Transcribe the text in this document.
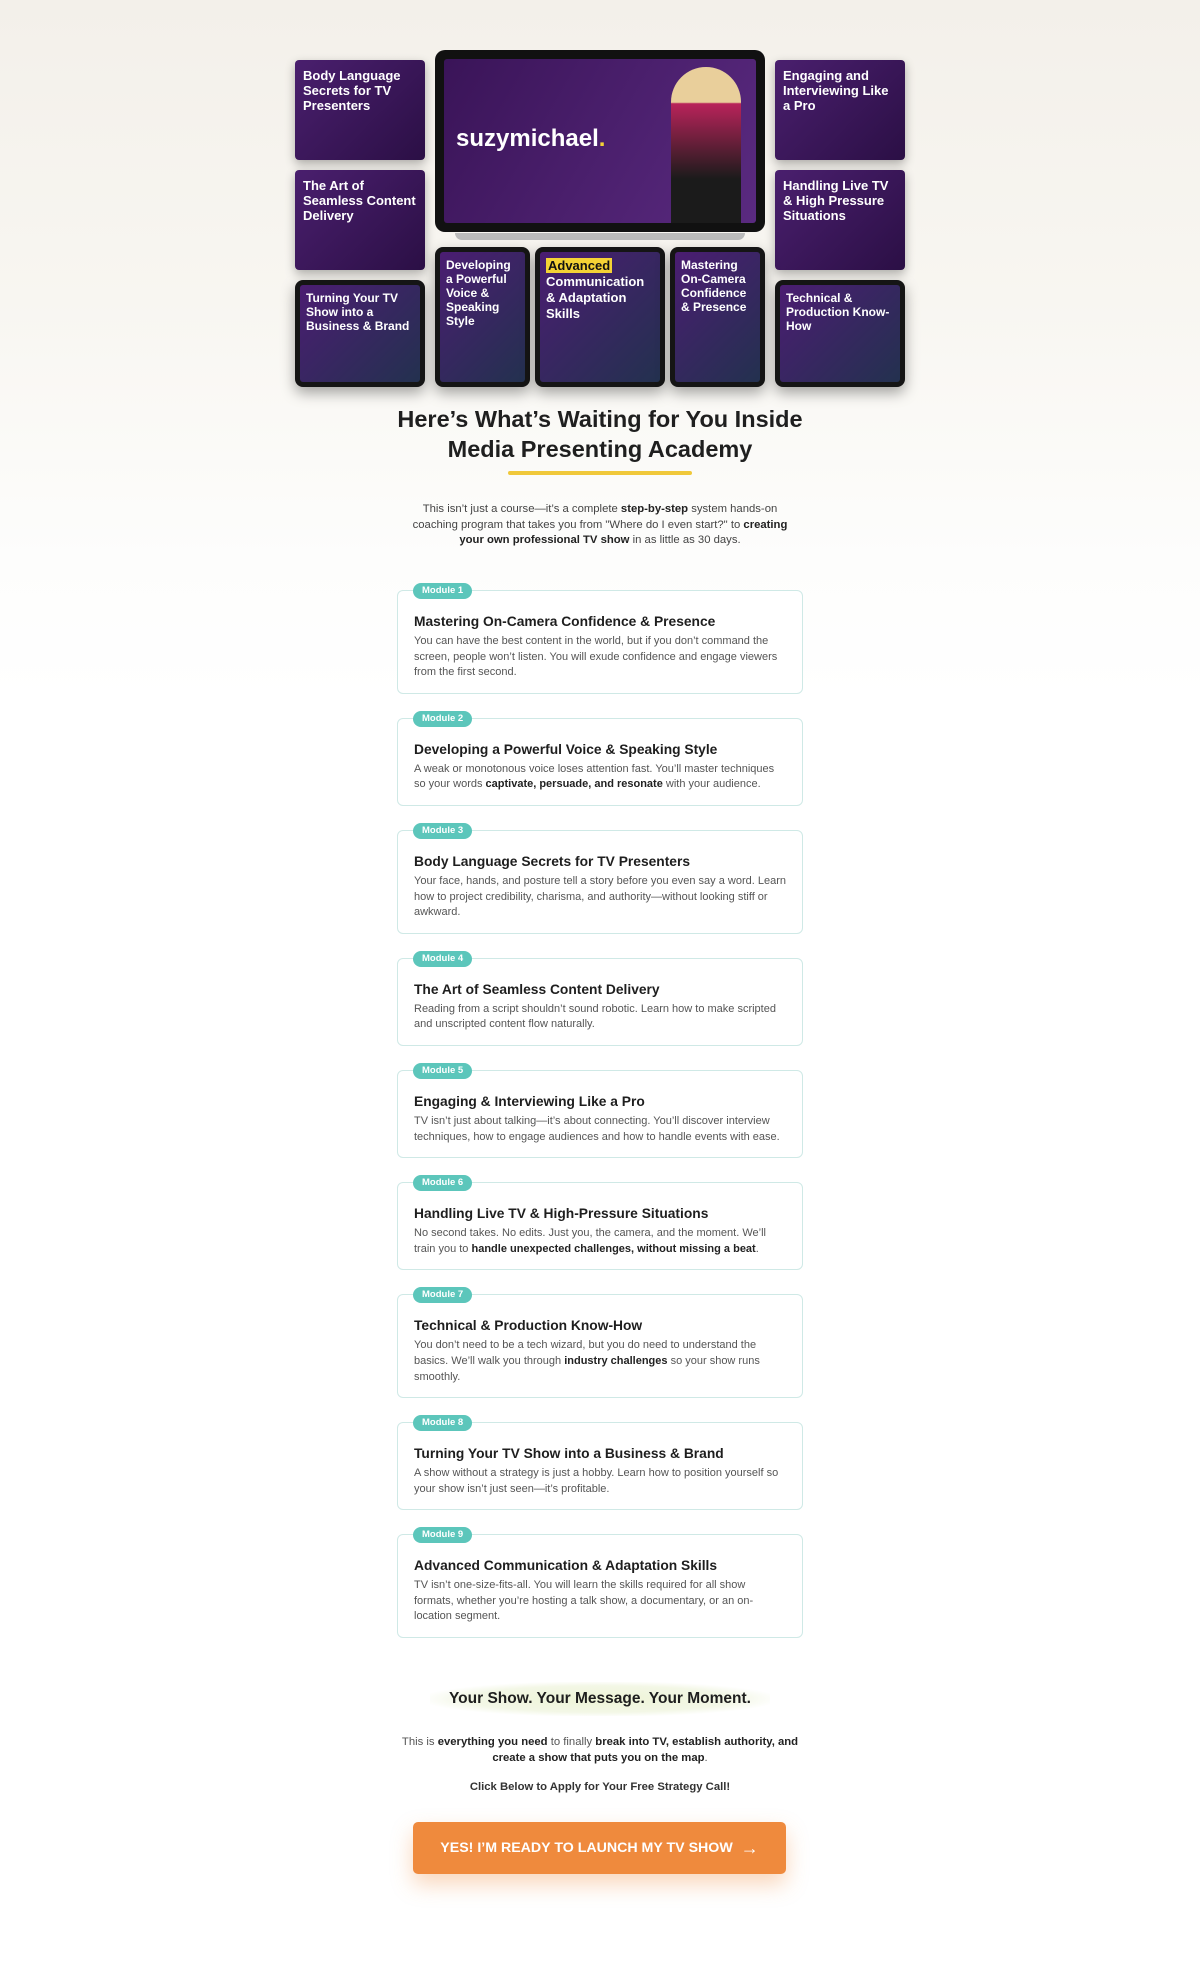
Body Language Secrets for TV Presenters
The Art of Seamless Content Delivery
Engaging and Interviewing Like a Pro
Handling Live TV & High Pressure Situations
suzymichael.
Developing a Powerful Voice & Speaking Style
Turning Your TV Show into a Business & Brand
Advanced
Communication & Adaptation Skills
Mastering On-Camera Confidence & Presence
Technical & Production Know-How
Here’s What’s Waiting for You Inside
Media Presenting Academy

This isn’t just a course—it’s a complete step-by-step system hands-on coaching program that takes you from "Where do I even start?" to creating your own professional TV show in as little as 30 days.

Module 1
Mastering On-Camera Confidence & Presence

You can have the best content in the world, but if you don’t command the screen, people won’t listen. You will exude confidence and engage viewers from the first second.

Module 2
Developing a Powerful Voice & Speaking Style

A weak or monotonous voice loses attention fast. You’ll master techniques so your words captivate, persuade, and resonate with your audience.

Module 3
Body Language Secrets for TV Presenters

Your face, hands, and posture tell a story before you even say a word. Learn how to project credibility, charisma, and authority—without looking stiff or awkward.

Module 4
The Art of Seamless Content Delivery

Reading from a script shouldn’t sound robotic. Learn how to make scripted and unscripted content flow naturally.

Module 5
Engaging & Interviewing Like a Pro

TV isn’t just about talking—it’s about connecting. You’ll discover interview techniques, how to engage audiences and how to handle events with ease.

Module 6
Handling Live TV & High-Pressure Situations

No second takes. No edits. Just you, the camera, and the moment. We’ll train you to handle unexpected challenges, without missing a beat.

Module 7
Technical & Production Know-How

You don’t need to be a tech wizard, but you do need to understand the basics. We’ll walk you through industry challenges so your show runs smoothly.

Module 8
Turning Your TV Show into a Business & Brand

A show without a strategy is just a hobby. Learn how to position yourself so your show isn’t just seen—it’s profitable.

Module 9
Advanced Communication & Adaptation Skills

TV isn’t one-size-fits-all. You will learn the skills required for all show formats, whether you’re hosting a talk show, a documentary, or an on-location segment.

Your Show. Your Message. Your Moment.

This is everything you need to finally break into TV, establish authority, and create a show that puts you on the map.

Click Below to Apply for Your Free Strategy Call!

YES! I’M READY TO LAUNCH MY TV SHOW →
